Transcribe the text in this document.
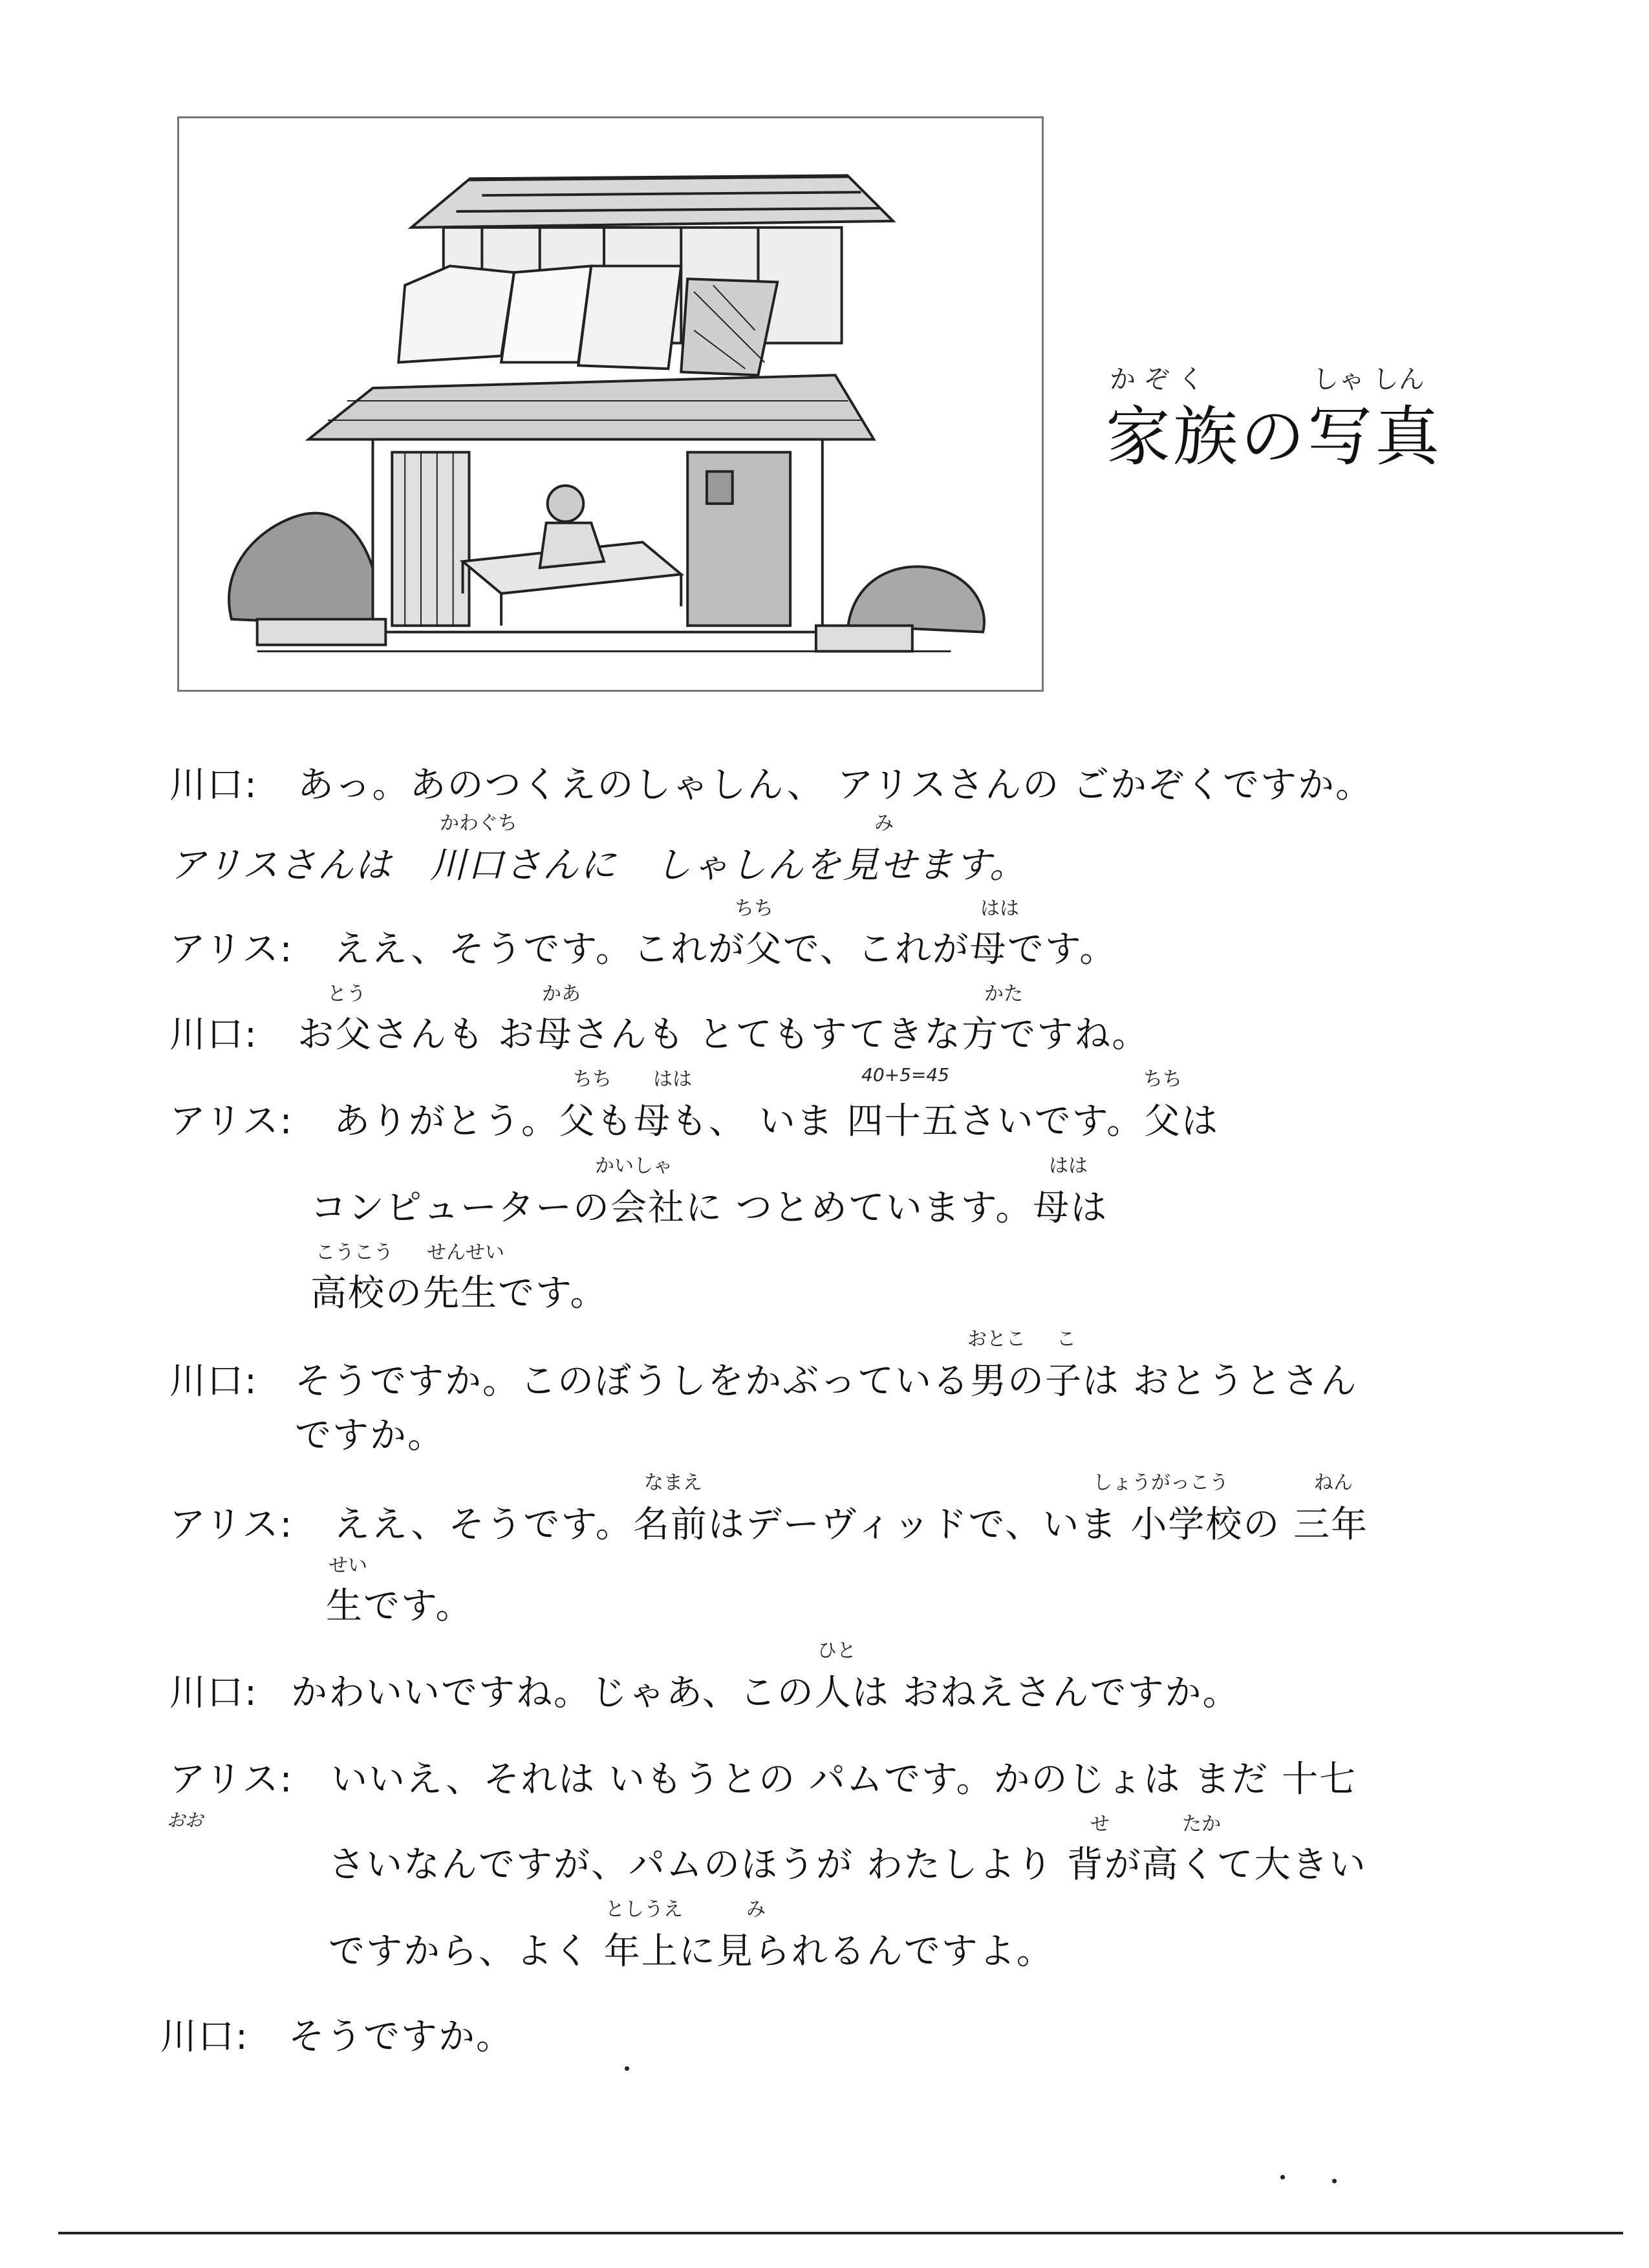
か ぞ く	しゃ しん
家族の写真
川口: あっ。あのつくえのしゃしん、 アリスさんの ごかぞくですか。
かわぐち	み
アリスさんは　川口さんに　しゃしんを見せます。
ちち	はは
アリス: ええ、そうです。これが父で、これが母です。
とう	かあ	かた
川口: お父さんも お母さんも とてもすてきな方ですね。
ちち はは	40+5=45	ちち
アリス: ありがとう。父も母も、 いま 四十五さいです。父は
かいしゃ	はは
コンピューターの会社に つとめています。母は
こうこう せんせい
高校の先生です。
おとこ こ
川口: そうですか。このぼうしをかぶっている男の子は おとうとさん
ですか。
なまえ	しょうがっこう	ねん
アリス: ええ、そうです。名前はデーヴィッドで、いま 小学校の 三年
せい
生です。
ひと
川口: かわいいですね。じゃあ、この人は おねえさんですか。
アリス: いいえ、それは いもうとの パムです。かのじょは まだ 十七
おお	せ	たか
さいなんですが、パムのほうが わたしより 背が高くて大きい
としうえ	み
ですから、よく 年上に見られるんですよ。
川口: そうですか。
